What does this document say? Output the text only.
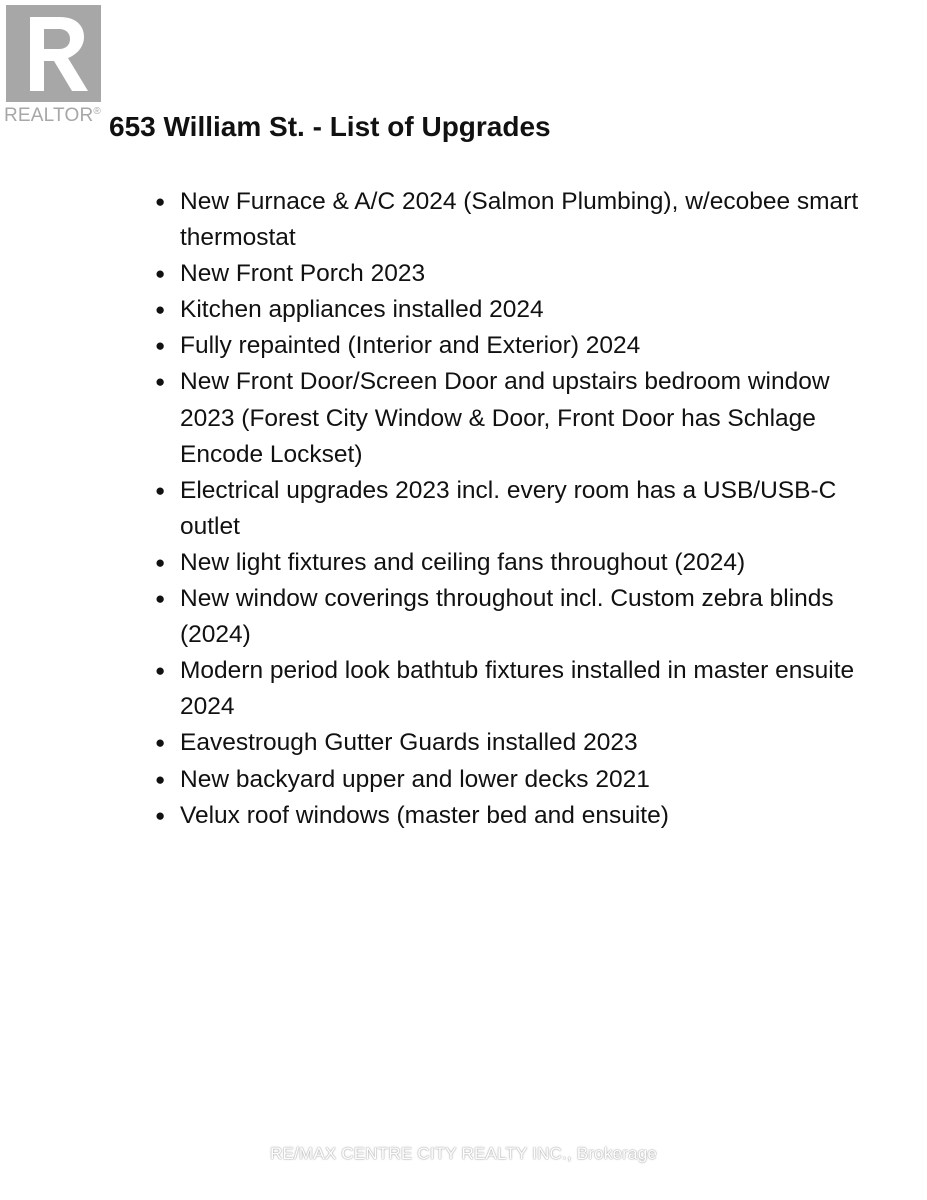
REALTOR® 653 William St. - List of Upgrades
● New Furnace & A/C 2024 (Salmon Plumbing), w/ecobee smart thermostat
● New Front Porch 2023
● Kitchen appliances installed 2024
● Fully repainted (Interior and Exterior) 2024
● New Front Door/Screen Door and upstairs bedroom window 2023 (Forest City Window & Door, Front Door has Schlage Encode Lockset)
● Electrical upgrades 2023 incl. every room has a USB/USB-C outlet
● New light fixtures and ceiling fans throughout (2024)
● New window coverings throughout incl. Custom zebra blinds (2024)
● Modern period look bathtub fixtures installed in master ensuite 2024
● Eavestrough Gutter Guards installed 2023
● New backyard upper and lower decks 2021
● Velux roof windows (master bed and ensuite)
RE/MAX CENTRE CITY REALTY INC., Brokerage
